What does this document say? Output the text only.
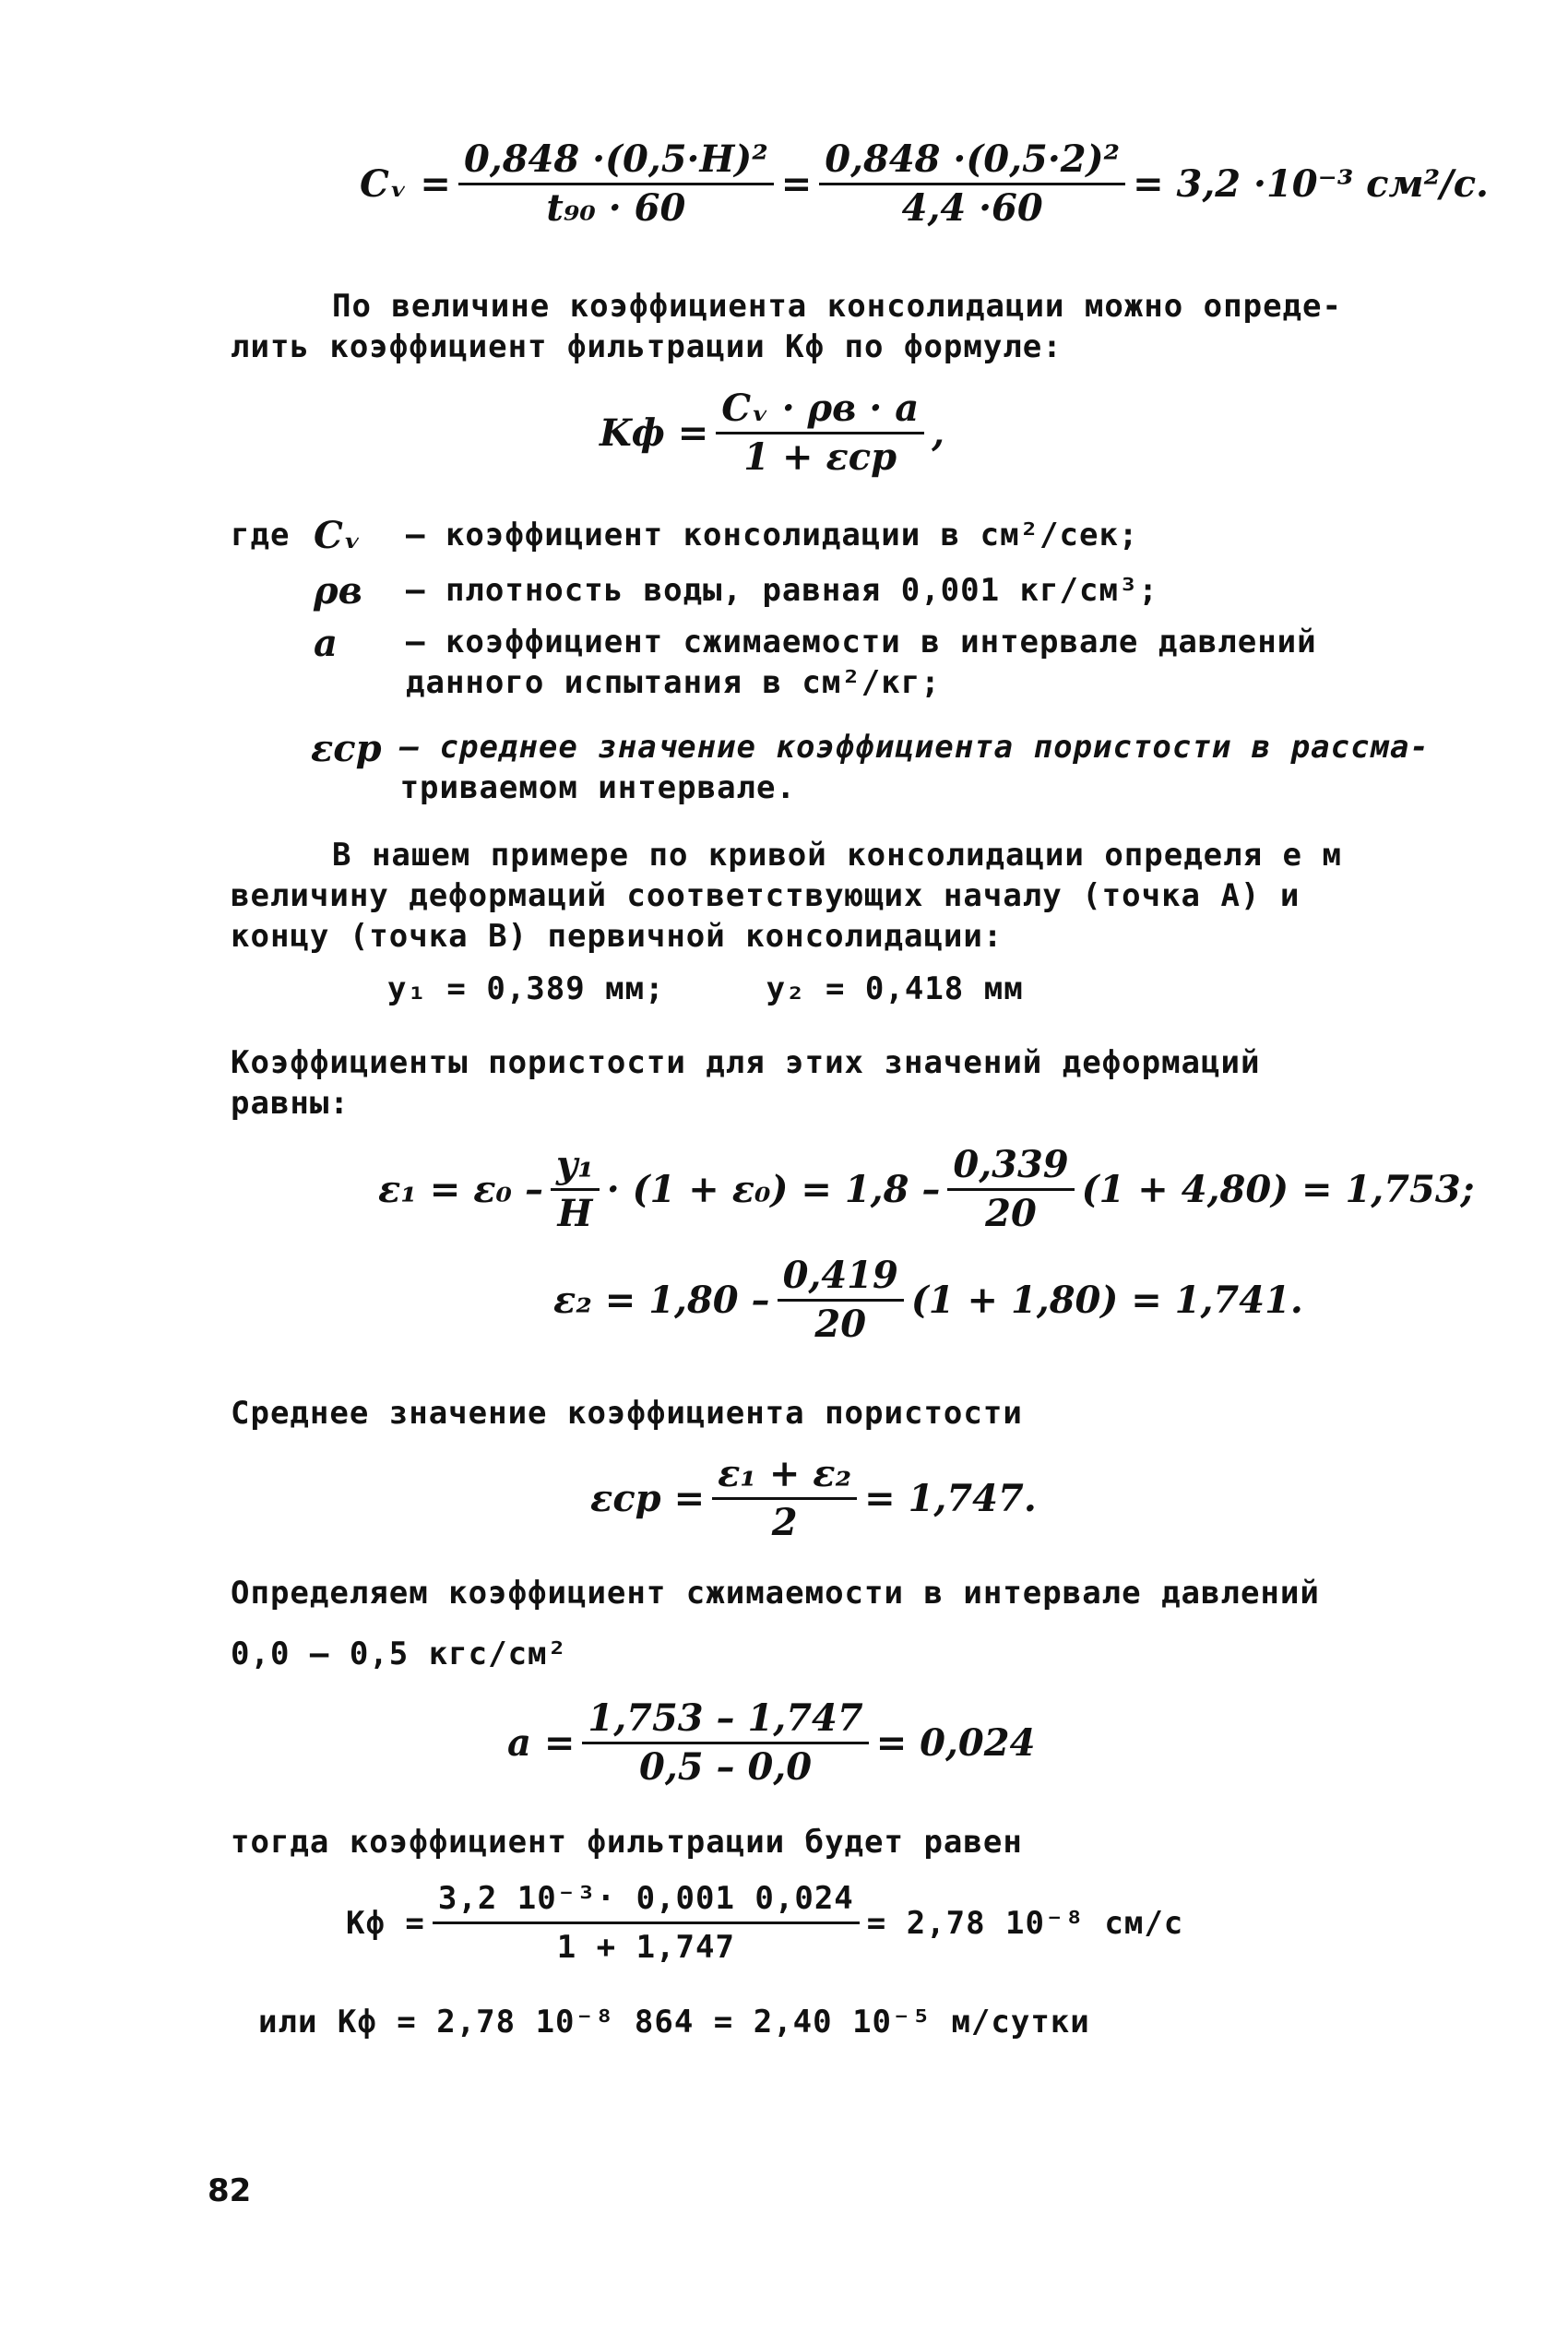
Cᵥ = $\frac{\text{0,848 ·(0,5·H)²}}{\text{t₉₀ · 60}} = \frac{\text{0,848 ·(0,5·2)²}}{4,4 \cdot 60} = 3,2 \cdot 10^{-3}$ см²/с.
По величине коэффициента консолидации можно опреде-
лить коэффициент фильтрации Кф по формуле:
Kф = $\frac{\text{Cᵥ · ρв · a}}{\text{1 + εср}}$ ,
где Cᵥ	– коэффициент консолидации в см²/сек;
ρв	– плотность воды, равная 0,001 кг/см³;
a	– коэффициент сжимаемости в интервале давлений
данного испытания в см²/кг;
εср – среднее значение коэффициента пористости в рассма-
триваемом интервале.
В нашем примере по кривой консолидации определя е м
величину деформаций соответствующих началу (точка А) и
концу (точка В) первичной консолидации:
y₁ = 0,389 мм;	y₂ = 0,418 мм
Коэффициенты пористости для этих значений деформаций
равны:
$\varepsilon_1 = \varepsilon_0 - \frac{\text{y₁}}{H} \cdot (1 + \varepsilon_0) = 1,8 - \frac{0,339}{20} (1 + 4,80) = 1,753$;
$\varepsilon_2 = 1,80 - \frac{0,419}{20} (1 + 1,80) = 1,741$.
Среднее значение коэффициента пористости
$\varepsilon ср = \frac{\text{ε₁ + ε₂}}{2} = 1,747$.
Определяем коэффициент сжимаемости в интервале давлений
0,0 – 0,5 кгс/см²
$a = \frac{1,753 - 1,747}{0,5 - 0,0} = 0,024$
тогда коэффициент фильтрации будет равен
Кф = $\frac{\text{3,2 10⁻³· 0,001 0,024}}{1 + 1,747} = 2,78$ 10⁻⁸ см/с
или Кф = 2,78 10⁻⁸ 864 = 2,40 10⁻⁵ м/сутки
82
